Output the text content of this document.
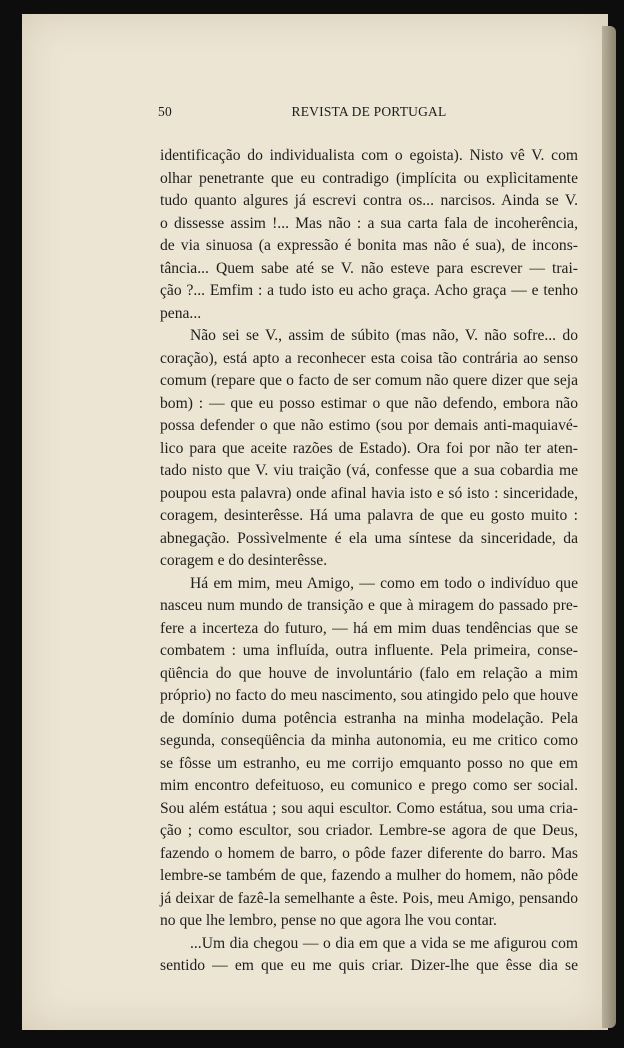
50	REVISTA DE PORTUGAL
identificação do individualista com o egoista). Nisto vê V. com
olhar penetrante que eu contradigo (implícita ou explìcitamente
tudo quanto algures já escrevi contra os... narcisos. Ainda se V.
o dissesse assim !... Mas não : a sua carta fala de incoherência,
de via sinuosa (a expressão é bonita mas não é sua), de incons-
tância... Quem sabe até se V. não esteve para escrever — trai-
ção ?... Emfim : a tudo isto eu acho graça. Acho graça — e tenho
pena...
Não sei se V., assim de súbito (mas não, V. não sofre... do
coração), está apto a reconhecer esta coisa tão contrária ao senso
comum (repare que o facto de ser comum não quere dizer que seja
bom) : — que eu posso estimar o que não defendo, embora não
possa defender o que não estimo (sou por demais anti-maquiavé-
lico para que aceite razões de Estado). Ora foi por não ter aten-
tado nisto que V. viu traição (vá, confesse que a sua cobardia me
poupou esta palavra) onde afinal havia isto e só isto : sinceridade,
coragem, desinterêsse. Há uma palavra de que eu gosto muito :
abnegação. Possìvelmente é ela uma síntese da sinceridade, da
coragem e do desinterêsse.
Há em mim, meu Amigo, — como em todo o indivíduo que
nasceu num mundo de transição e que à miragem do passado pre-
fere a incerteza do futuro, — há em mim duas tendências que se
combatem : uma influída, outra influente. Pela primeira, conse-
qüência do que houve de involuntário (falo em relação a mim
próprio) no facto do meu nascimento, sou atingido pelo que houve
de domínio duma potência estranha na minha modelação. Pela
segunda, conseqüência da minha autonomia, eu me critico como
se fôsse um estranho, eu me corrijo emquanto posso no que em
mim encontro defeituoso, eu comunico e prego como ser social.
Sou além estátua ; sou aqui escultor. Como estátua, sou uma cria-
ção ; como escultor, sou criador. Lembre-se agora de que Deus,
fazendo o homem de barro, o pôde fazer diferente do barro. Mas
lembre-se também de que, fazendo a mulher do homem, não pôde
já deixar de fazê-la semelhante a êste. Pois, meu Amigo, pensando
no que lhe lembro, pense no que agora lhe vou contar.
...Um dia chegou — o dia em que a vida se me afigurou com
sentido — em que eu me quis criar. Dizer-lhe que êsse dia se
